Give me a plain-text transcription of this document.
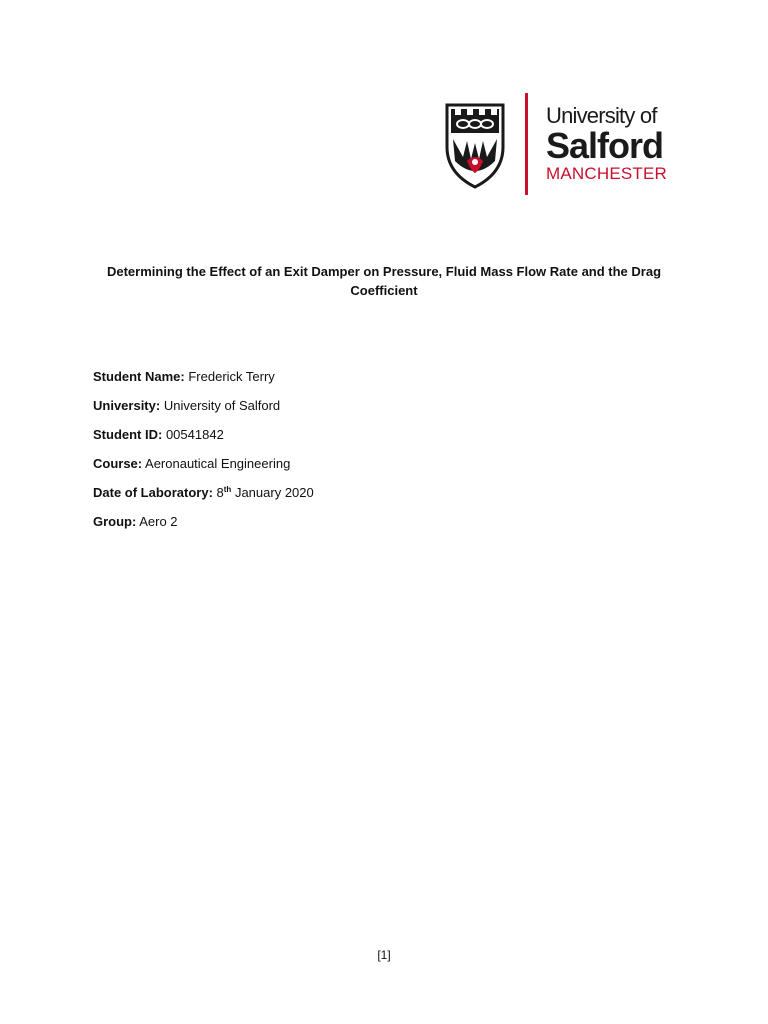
University of
Salford
MANCHESTER
Determining the Effect of an Exit Damper on Pressure, Fluid Mass Flow Rate and the Drag Coefficient
Student Name: Frederick Terry
University: University of Salford
Student ID: 00541842
Course: Aeronautical Engineering
Date of Laboratory: 8th January 2020
Group: Aero 2
[1]
